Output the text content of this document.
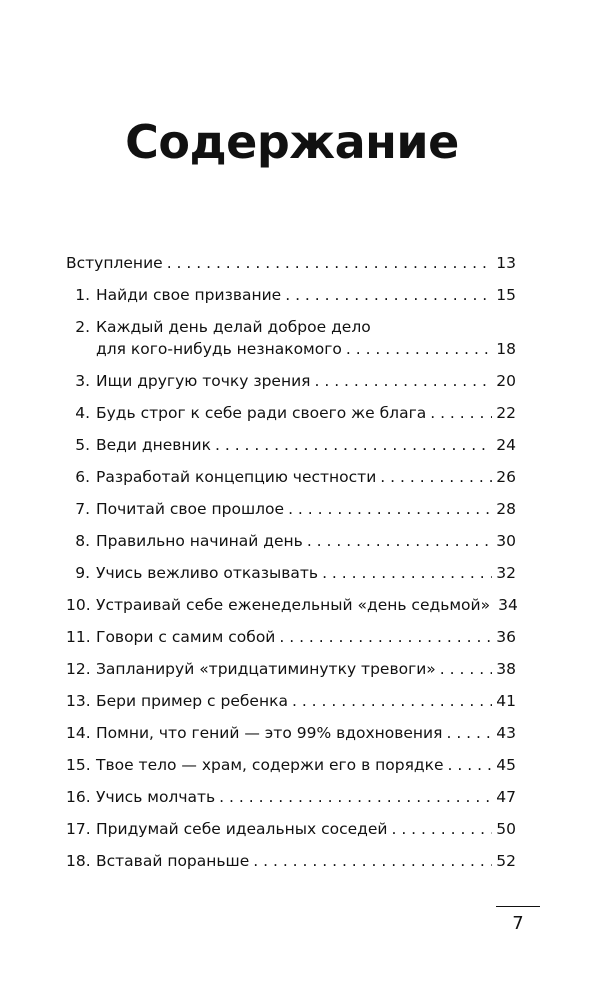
Содержание
Вступление . . .	13
1. Найди свое призвание . . .	15
2. Каждый день делай доброе дело
для кого-нибудь незнакомого . . .	18
3. Ищи другую точку зрения . . .	20
4. Будь строг к себе ради своего же блага . . .	22
5. Веди дневник . . .	24
6. Разработай концепцию честности . . .	26
7. Почитай свое прошлое . . .	28
8. Правильно начинай день . . .	30
9. Учись вежливо отказывать . . .	32
10. Устраивай себе еженедельный «день седьмой» 34
11. Говори с самим собой . . .	36
12. Запланируй «тридцатиминутку тревоги» . . .	38
13. Бери пример с ребенка . . .	41
14. Помни, что гений — это 99% вдохновения . . .	43
15. Твое тело — храм, содержи его в порядке . . .	45
16. Учись молчать . . .	47
17. Придумай себе идеальных соседей . . .	50
18. Вставай пораньше . . .	52
7
